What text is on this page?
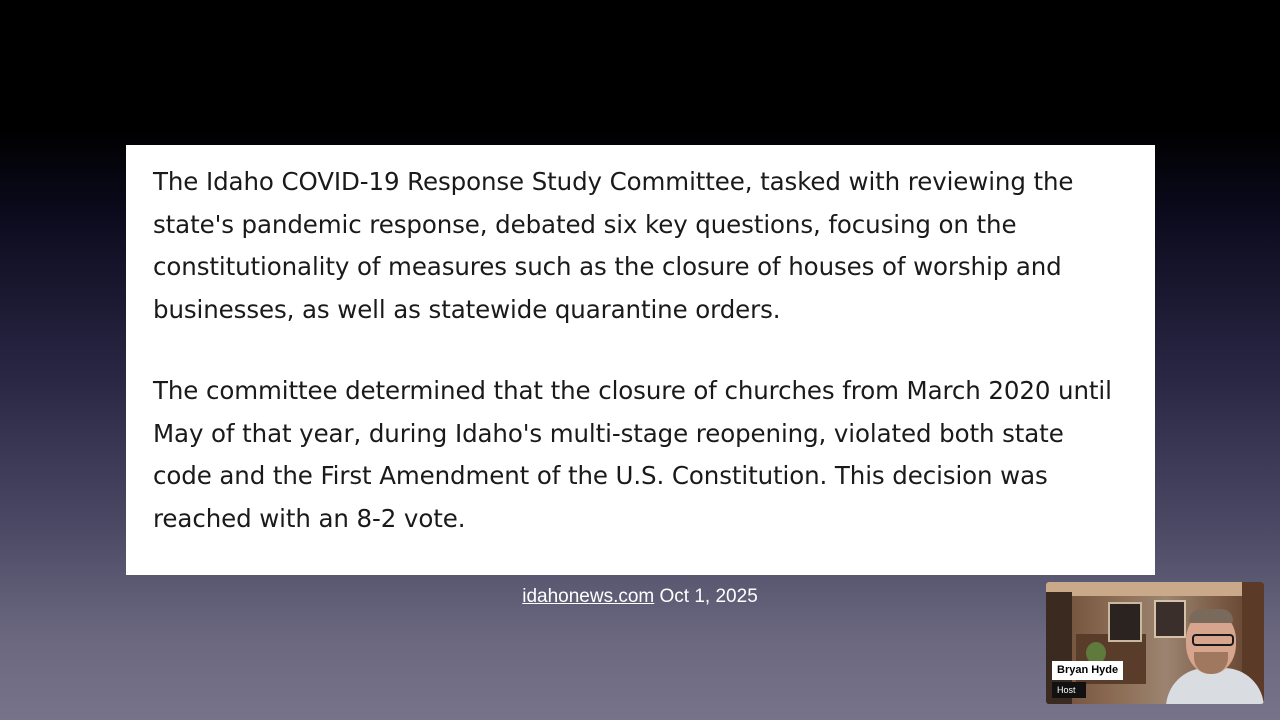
The Idaho COVID-19 Response Study Committee, tasked with reviewing the state's pandemic response, debated six key questions, focusing on the constitutionality of measures such as the closure of houses of worship and businesses, as well as statewide quarantine orders.

The committee determined that the closure of churches from March 2020 until May of that year, during Idaho's multi-stage reopening, violated both state code and the First Amendment of the U.S. Constitution. This decision was reached with an 8-2 vote.

idahonews.com Oct 1, 2025
Bryan Hyde
Host
